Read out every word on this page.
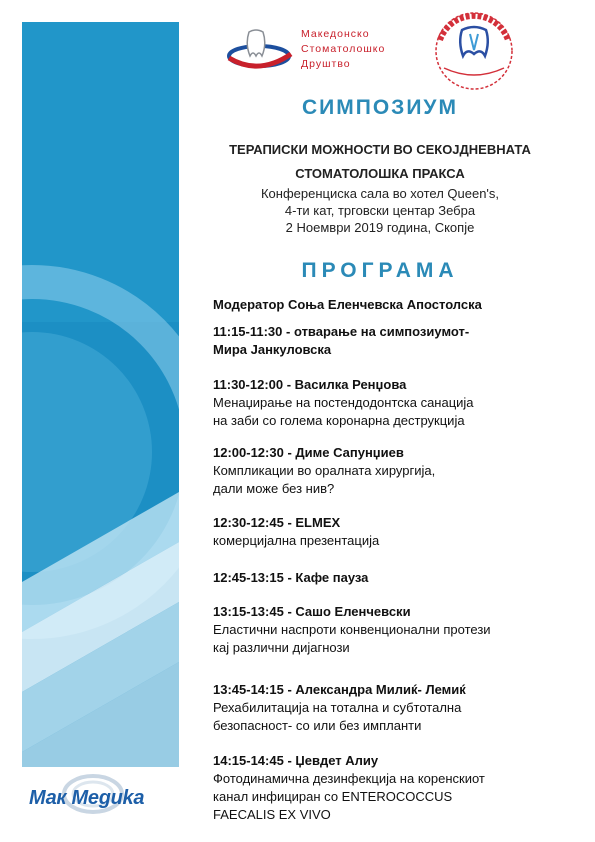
Мак Meguka
Македонско
Стоматолошко
Друштво
СИМПОЗИУМ
ТЕРАПИСКИ МОЖНОСТИ ВО СЕКОЈДНЕВНАТА
СТОМАТОЛОШКА ПРАКСА
Конференциска сала во хотел Queen's,
4-ти кат, трговски центар Зебра
2 Ноември 2019 година, Скопје
ПРОГРАМА
Модератор Соња Еленчевска Апостолска
11:15-11:30 - отварање на симпозиумот-
Мира Јанкуловска
11:30-12:00 - Василка Ренџова
Менаџирање на постендодонтска санација
на заби со голема коронарна деструкција
12:00-12:30 - Диме Сапунџиев
Компликации во оралната хирургија,
дали може без нив?
12:30-12:45 - ELMEX
комерцијална презентација
12:45-13:15 - Кафе пауза
13:15-13:45 - Сашо Еленчевски
Еластични наспроти конвенционални протези
кај различни дијагнози
13:45-14:15 - Александра Милиќ- Лемиќ
Рехабилитација на тотална и субтотална
безопасност- со или без импланти
14:15-14:45 - Џевдет Алиу
Фотодинамична дезинфекција на коренскиот
канал инфициран со ENTEROCOCCUS
FAECALIS EX VIVO
